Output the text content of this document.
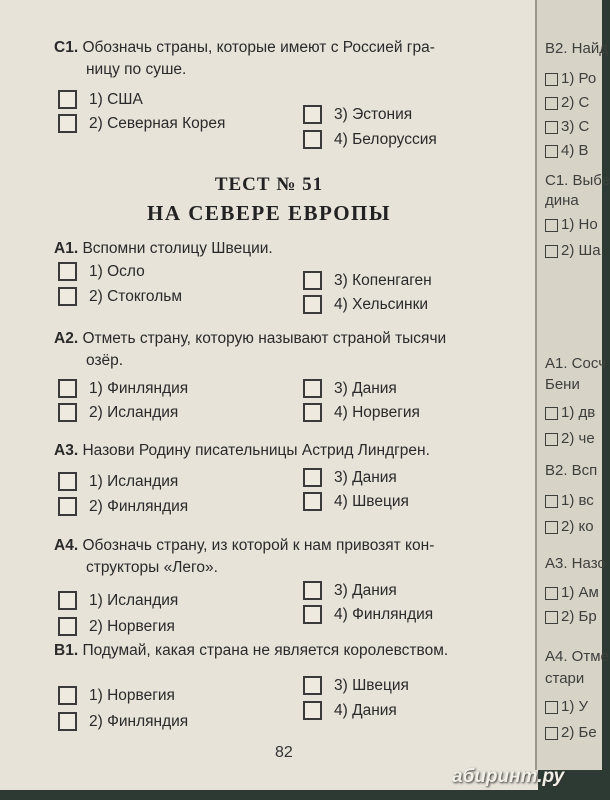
С1. Обозначь страны, которые имеют с Россией гра-
ницу по суше.
1) США
2) Северная Корея
3) Эстония
4) Белоруссия
ТЕСТ № 51
НА СЕВЕРЕ ЕВРОПЫ
А1. Вспомни столицу Швеции.
1) Осло
2) Стокгольм
3) Копенгаген
4) Хельсинки
А2. Отметь страну, которую называют страной тысячи
озёр.
1) Финляндия
2) Исландия
3) Дания
4) Норвегия
А3. Назови Родину писательницы Астрид Линдгрен.
1) Исландия
2) Финляндия
3) Дания
4) Швеция
А4. Обозначь страну, из которой к нам привозят кон-
структоры «Лего».
1) Исландия
2) Норвегия
3) Дания
4) Финляндия
В1. Подумай, какая страна не является королевством.
1) Норвегия
2) Финляндия
3) Швеция
4) Дания
82
В2. Найд
1) Ро
2) С
3) С
4) В
С1. Выбе
дина
1) Но
2) Ша
А1. Сосч
Бени
1) дв
2) че
В2. Всп
1) вс
2) ко
А3. Назо
1) Ам
2) Бр
А4. Отме
стари
1) У
2) Бе
абиринт.ру
